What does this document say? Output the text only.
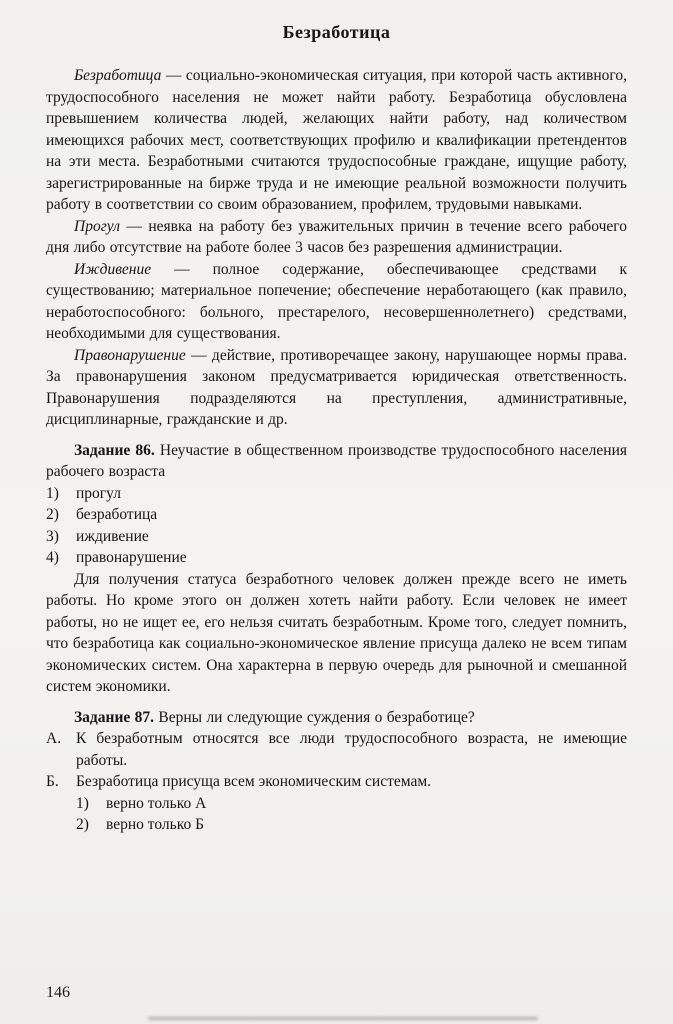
Безработица

Безработица — социально-экономическая ситуация, при которой часть активного, трудоспособного населения не может найти работу. Безработица обусловлена превышением количества людей, желающих найти работу, над количеством имеющихся рабочих мест, соответствующих профилю и квалификации претендентов на эти места. Безработными считаются трудоспособные граждане, ищущие работу, зарегистрированные на бирже труда и не имеющие реальной возможности получить работу в соответствии со своим образованием, профилем, трудовыми навыками.

Прогул — неявка на работу без уважительных причин в течение всего рабочего дня либо отсутствие на работе более 3 часов без разрешения администрации.

Иждивение — полное содержание, обеспечивающее средствами к существованию; материальное попечение; обеспечение неработающего (как правило, неработоспособного: больного, престарелого, несовершеннолетнего) средствами, необходимыми для существования.

Правонарушение — действие, противоречащее закону, нарушающее нормы права. За правонарушения законом предусматривается юридическая ответственность. Правонарушения подразделяются на преступления, административные, дисциплинарные, гражданские и др.

Задание 86. Неучастие в общественном производстве трудоспособного населения рабочего возраста

1)	прогул
2)	безработица
3)	иждивение
4)	правонарушение

Для получения статуса безработного человек должен прежде всего не иметь работы. Но кроме этого он должен хотеть найти работу. Если человек не имеет работы, но не ищет ее, его нельзя считать безработным. Кроме того, следует помнить, что безработица как социально-экономическое явление присуща далеко не всем типам экономических систем. Она характерна в первую очередь для рыночной и смешанной систем экономики.

Задание 87. Верны ли следующие суждения о безработице?

А. К безработным относятся все люди трудоспособного возраста, не имеющие работы.
Б.	Безработица присуща всем экономическим системам.
1)	верно только А
2)	верно только Б
146
